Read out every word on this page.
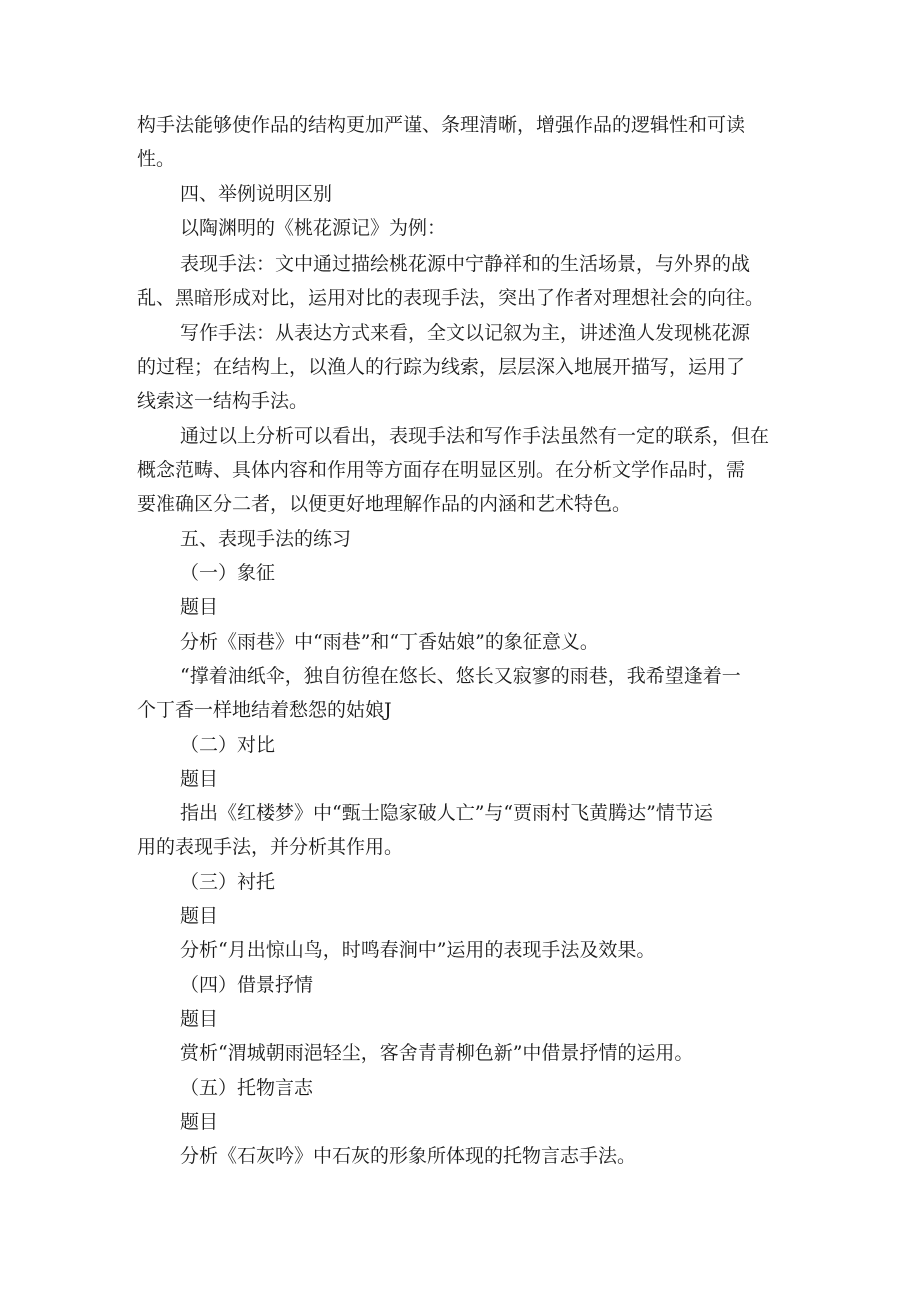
构手法能够使作品的结构更加严谨、条理清晰，增强作品的逻辑性和可读
性。
四、举例说明区别
以陶渊明的《桃花源记》为例：
表现手法：文中通过描绘桃花源中宁静祥和的生活场景，与外界的战
乱、黑暗形成对比，运用对比的表现手法，突出了作者对理想社会的向往。
写作手法：从表达方式来看，全文以记叙为主，讲述渔人发现桃花源
的过程；在结构上，以渔人的行踪为线索，层层深入地展开描写，运用了
线索这一结构手法。
通过以上分析可以看出，表现手法和写作手法虽然有一定的联系，但在
概念范畴、具体内容和作用等方面存在明显区别。在分析文学作品时，需
要准确区分二者，以便更好地理解作品的内涵和艺术特色。
五、表现手法的练习
（一）象征
题目
分析《雨巷》中“雨巷”和“丁香姑娘”的象征意义。
“撑着油纸伞，独自彷徨在悠长、悠长又寂寥的雨巷，我希望逢着一
个丁香一样地结着愁怨的姑娘J
（二）对比
题目
指出《红楼梦》中“甄士隐家破人亡”与“贾雨村飞黄腾达”情节运
用的表现手法，并分析其作用。
（三）衬托
题目
分析“月出惊山鸟，时鸣春涧中”运用的表现手法及效果。
（四）借景抒情
题目
赏析“渭城朝雨浥轻尘，客舍青青柳色新”中借景抒情的运用。
（五）托物言志
题目
分析《石灰吟》中石灰的形象所体现的托物言志手法。
